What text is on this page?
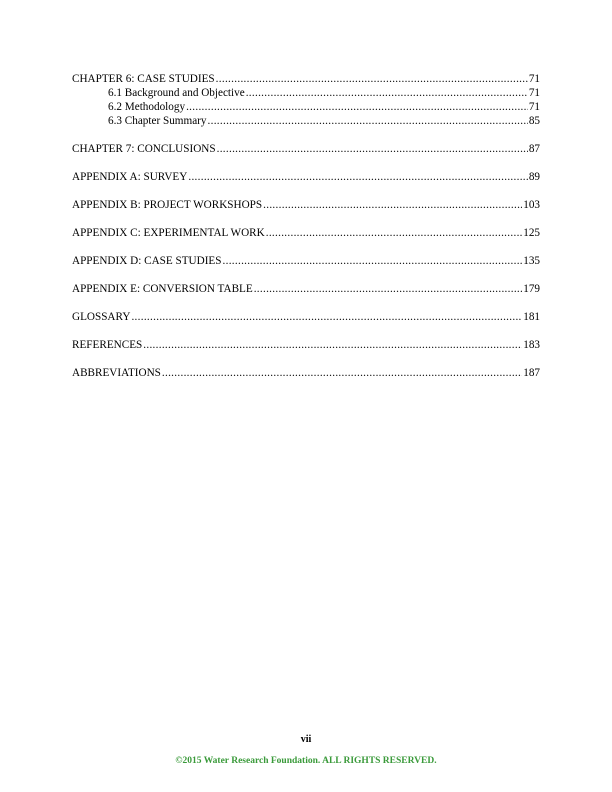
CHAPTER 6: CASE STUDIES .....	71
6.1 Background and Objective .....	71
6.2 Methodology .....	71
6.3 Chapter Summary .....	85
CHAPTER 7: CONCLUSIONS .....	87
APPENDIX A: SURVEY .....	89
APPENDIX B: PROJECT WORKSHOPS .....	103
APPENDIX C: EXPERIMENTAL WORK .....	125
APPENDIX D: CASE STUDIES .....	135
APPENDIX E: CONVERSION TABLE .....	179
GLOSSARY .....	181
REFERENCES .....	183
ABBREVIATIONS .....	187
vii
©2015 Water Research Foundation. ALL RIGHTS RESERVED.
